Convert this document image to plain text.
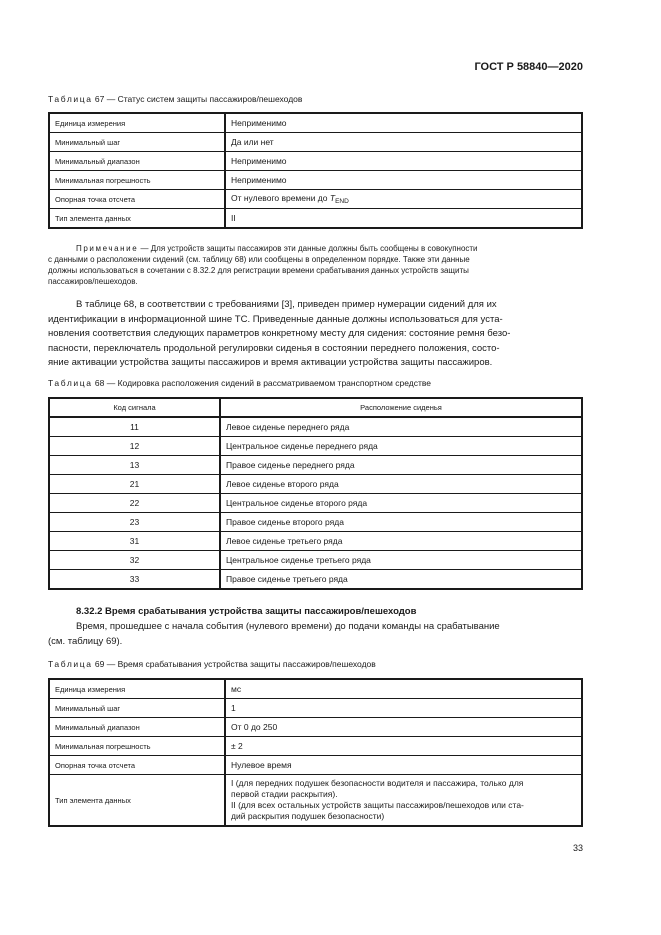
ГОСТ Р 58840—2020
Таблица 67 — Статус систем защиты пассажиров/пешеходов
Единица измерения	Неприменимо
Минимальный шаг	Да или нет
Минимальный диапазон	Неприменимо
Минимальная погрешность	Неприменимо
Опорная точка отсчета	От нулевого времени до $T_{END}$
Тип элемента данных	II
Примечание — Для устройств защиты пассажиров эти данные должны быть сообщены в совокупности
с данными о расположении сидений (см. таблицу 68) или сообщены в определенном порядке. Также эти данные
должны использоваться в сочетании с 8.32.2 для регистрации времени срабатывания данных устройств защиты
пассажиров/пешеходов.
В таблице 68, в соответствии с требованиями [3], приведен пример нумерации сидений для их
идентификации в информационной шине ТС. Приведенные данные должны использоваться для уста-
новления соответствия следующих параметров конкретному месту для сидения: состояние ремня безо-
пасности, переключатель продольной регулировки сиденья в состоянии переднего положения, состо-
яние активации устройства защиты пассажиров и время активации устройства защиты пассажиров.
Таблица 68 — Кодировка расположения сидений в рассматриваемом транспортном средстве
Код сигнала	Расположение сиденья
11	Левое сиденье переднего ряда
12	Центральное сиденье переднего ряда
13	Правое сиденье переднего ряда
21	Левое сиденье второго ряда
22	Центральное сиденье второго ряда
23	Правое сиденье второго ряда
31	Левое сиденье третьего ряда
32	Центральное сиденье третьего ряда
33	Правое сиденье третьего ряда
8.32.2 Время срабатывания устройства защиты пассажиров/пешеходов
Время, прошедшее с начала события (нулевого времени) до подачи команды на срабатывание
(см. таблицу 69).
Таблица 69 — Время срабатывания устройства защиты пассажиров/пешеходов
Единица измерения	мс
Минимальный шаг	1
Минимальный диапазон	От 0 до 250
Минимальная погрешность	± 2
Опорная точка отсчета	Нулевое время
Тип элемента данных	I (для передних подушек безопасности водителя и пассажира, только для
первой стадии раскрытия).
II (для всех остальных устройств защиты пассажиров/пешеходов или ста-
дий раскрытия подушек безопасности)
33
